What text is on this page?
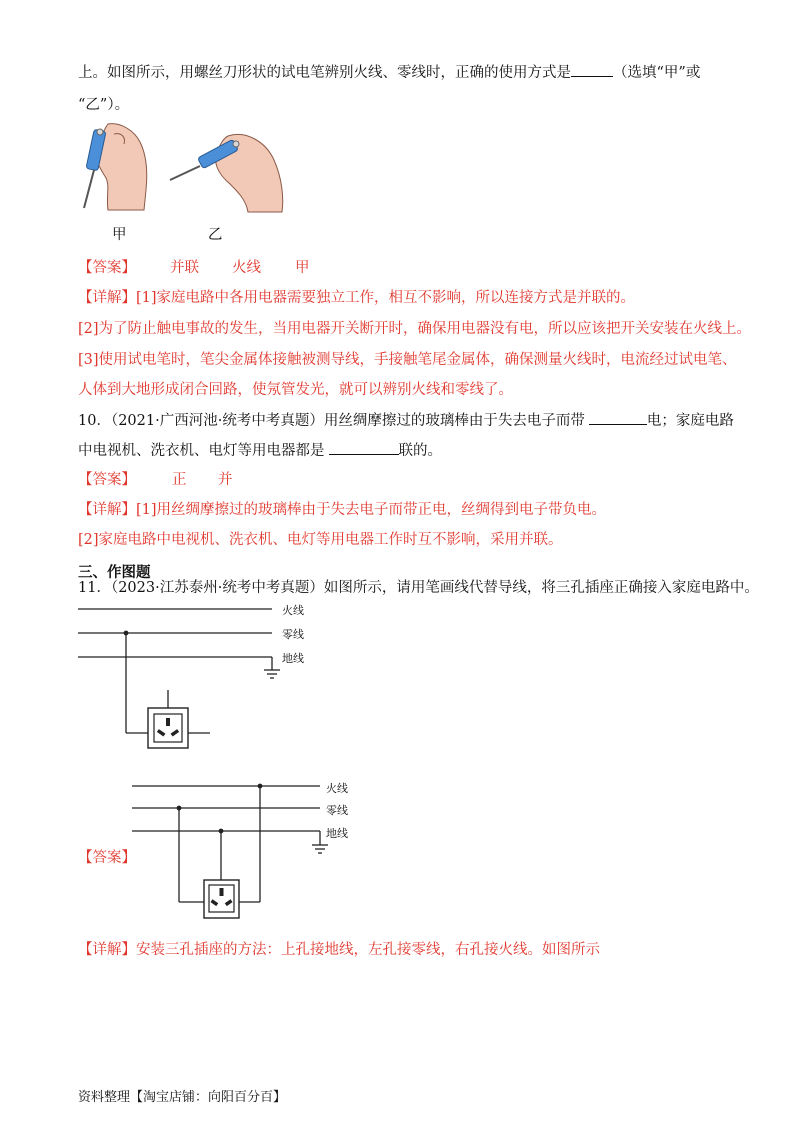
上。如图所示，用螺丝刀形状的试电笔辨别火线、零线时，正确的使用方式是	（选填“甲”或
“乙”）。
甲	乙
【答案】 并联 火线 甲
【详解】[1]家庭电路中各用电器需要独立工作，相互不影响，所以连接方式是并联的。
[2]为了防止触电事故的发生，当用电器开关断开时，确保用电器没有电，所以应该把开关安装在火线上。
[3]使用试电笔时，笔尖金属体接触被测导线，手接触笔尾金属体，确保测量火线时，电流经过试电笔、
人体到大地形成闭合回路，使氖管发光，就可以辨别火线和零线了。
10．（2021·广西河池·统考中考真题）用丝绸摩擦过的玻璃棒由于失去电子而带	电；家庭电路
中电视机、洗衣机、电灯等用电器都是	联的。
【答案】 正 并
【详解】[1]用丝绸摩擦过的玻璃棒由于失去电子而带正电，丝绸得到电子带负电。
[2]家庭电路中电视机、洗衣机、电灯等用电器工作时互不影响，采用并联。
三、作图题
11．（2023·江苏泰州·统考中考真题）如图所示，请用笔画线代替导线，将三孔插座正确接入家庭电路中。
火线
零线
地线
【答案】
火线
零线
地线
【详解】安装三孔插座的方法：上孔接地线，左孔接零线，右孔接火线。如图所示
资料整理【淘宝店铺：向阳百分百】
